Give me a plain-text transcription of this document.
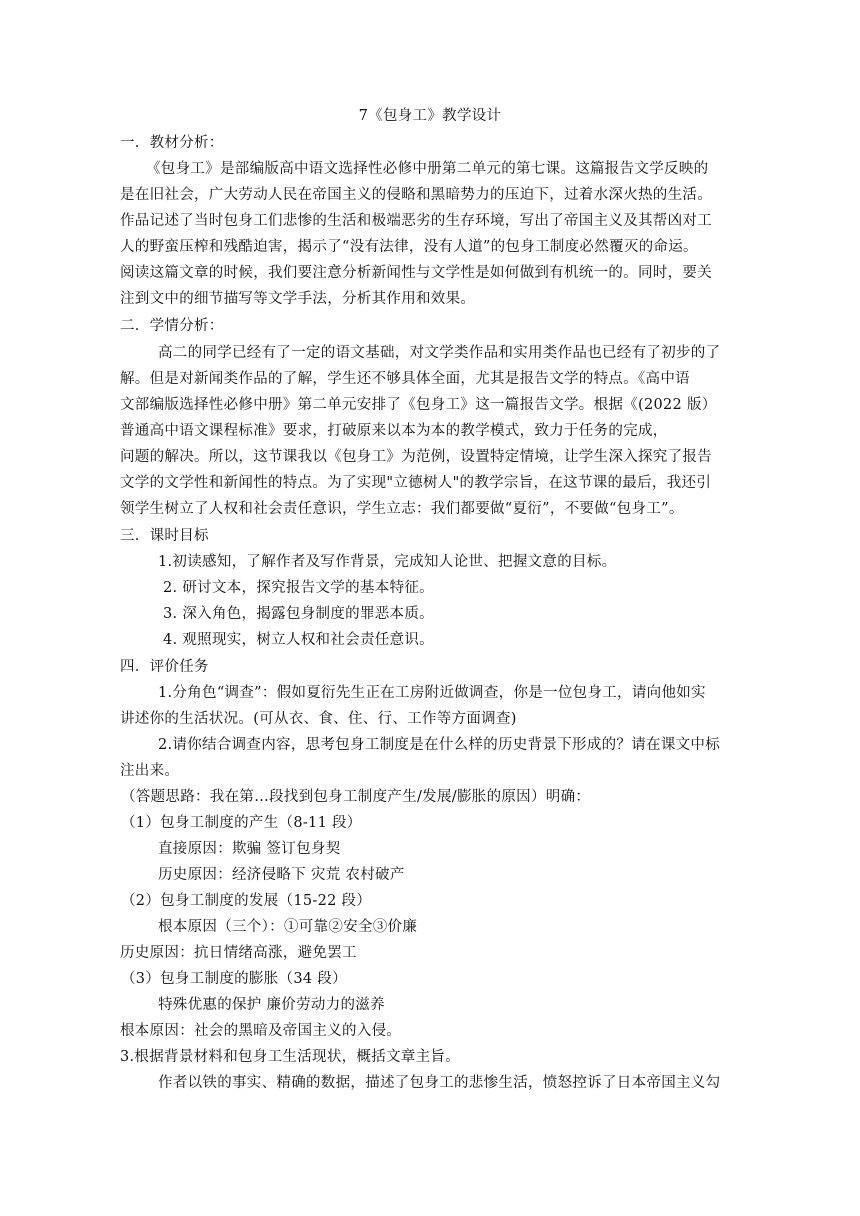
7《包身工》教学设计
一．教材分析：
《包身工》是部编版高中语文选择性必修中册第二单元的第七课。这篇报告文学反映的
是在旧社会，广大劳动人民在帝国主义的侵略和黑暗势力的压迫下，过着水深火热的生活。
作品记述了当时包身工们悲惨的生活和极端恶劣的生存环境，写出了帝国主义及其帮凶对工
人的野蛮压榨和残酷迫害，揭示了“没有法律，没有人道”的包身工制度必然覆灭的命运。
阅读这篇文章的时候，我们要注意分析新闻性与文学性是如何做到有机统一的。同时，要关
注到文中的细节描写等文学手法，分析其作用和效果。
二．学情分析：
高二的同学已经有了一定的语文基础，对文学类作品和实用类作品也已经有了初步的了
解。但是对新闻类作品的了解，学生还不够具体全面，尤其是报告文学的特点。《高中语
文部编版选择性必修中册》第二单元安排了《包身工》这一篇报告文学。根据《(2022 版）
普通高中语文课程标准》要求，打破原来以本为本的教学模式，致力于任务的完成，
问题的解决。所以，这节课我以《包身工》为范例，设置特定情境，让学生深入探究了报告
文学的文学性和新闻性的特点。为了实现"立德树人"的教学宗旨，在这节课的最后，我还引
领学生树立了人权和社会责任意识，学生立志：我们都要做“夏衍”，不要做“包身工”。
三．课时目标
1.初读感知，了解作者及写作背景，完成知人论世、把握文意的目标。
2. 研讨文本，探究报告文学的基本特征。
3. 深入角色，揭露包身制度的罪恶本质。
4. 观照现实，树立人权和社会责任意识。
四．评价任务
1.分角色“调查”：假如夏衍先生正在工房附近做调查，你是一位包身工，请向他如实
讲述你的生活状况。(可从衣、食、住、行、工作等方面调查)
2.请你结合调查内容，思考包身工制度是在什么样的历史背景下形成的？请在课文中标
注出来。
（答题思路：我在第…段找到包身工制度产生/发展/膨胀的原因）明确：
（1）包身工制度的产生（8-11 段）
直接原因：欺骗 签订包身契
历史原因：经济侵略下 灾荒 农村破产
（2）包身工制度的发展（15-22 段）
根本原因（三个）：①可靠②安全③价廉
历史原因：抗日情绪高涨，避免罢工
（3）包身工制度的膨胀（34 段）
特殊优惠的保护 廉价劳动力的滋养
根本原因：社会的黑暗及帝国主义的入侵。
3.根据背景材料和包身工生活现状，概括文章主旨。
作者以铁的事实、精确的数据，描述了包身工的悲惨生活，愤怒控诉了日本帝国主义勾
